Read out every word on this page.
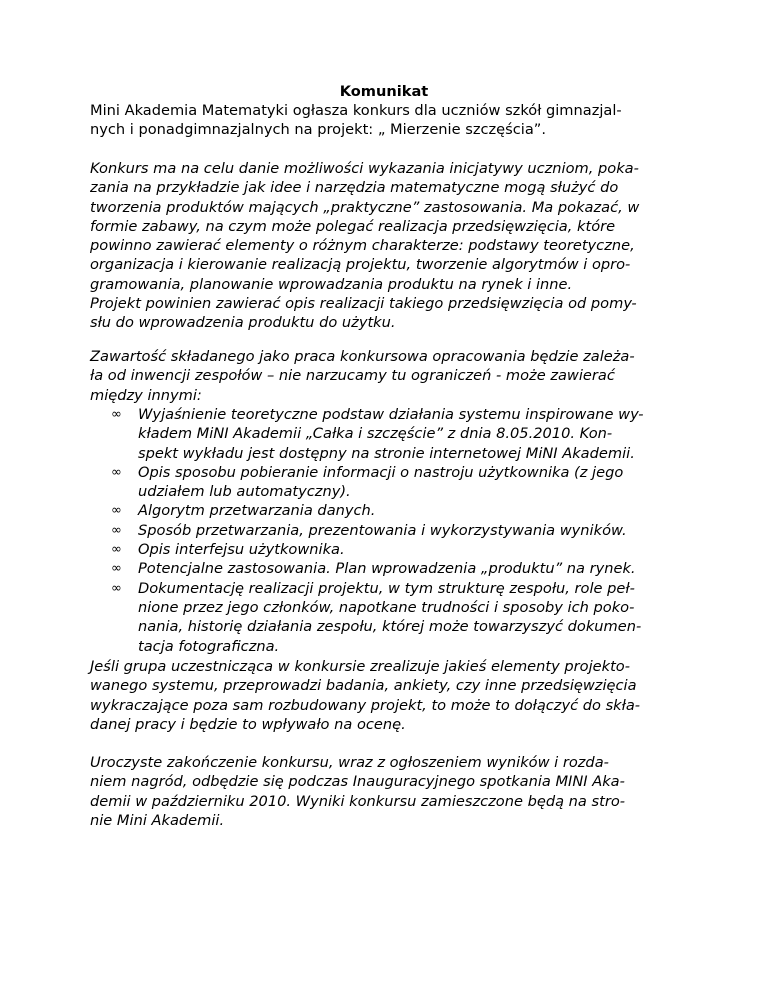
Komunikat
Mini Akademia Matematyki ogłasza konkurs dla uczniów szkół gimnazjal-
nych i ponadgimnazjalnych na projekt: „ Mierzenie szczęścia”.
Konkurs ma na celu danie możliwości wykazania inicjatywy uczniom, poka-
zania na przykładzie jak idee i narzędzia matematyczne mogą służyć do
tworzenia produktów mających „praktyczne” zastosowania. Ma pokazać, w
formie zabawy, na czym może polegać realizacja przedsięwzięcia, które
powinno zawierać elementy o różnym charakterze: podstawy teoretyczne,
organizacja i kierowanie realizacją projektu, tworzenie algorytmów i opro-
gramowania, planowanie wprowadzania produktu na rynek i inne.
Projekt powinien zawierać opis realizacji takiego przedsięwzięcia od pomy-
słu do wprowadzenia produktu do użytku.
Zawartość składanego jako praca konkursowa opracowania będzie zależa-
ła od inwencji zespołów – nie narzucamy tu ograniczeń - może zawierać
między innymi:
∞ Wyjaśnienie teoretyczne podstaw działania systemu inspirowane wy-
kładem MiNI Akademii „Całka i szczęście” z dnia 8.05.2010. Kon-
spekt wykładu jest dostępny na stronie internetowej MiNI Akademii.
∞ Opis sposobu pobieranie informacji o nastroju użytkownika (z jego
udziałem lub automatyczny).
∞ Algorytm przetwarzania danych.
∞ Sposób przetwarzania, prezentowania i wykorzystywania wyników.
∞ Opis interfejsu użytkownika.
∞ Potencjalne zastosowania. Plan wprowadzenia „produktu” na rynek.
∞ Dokumentację realizacji projektu, w tym strukturę zespołu, role peł-
nione przez jego członków, napotkane trudności i sposoby ich poko-
nania, historię działania zespołu, której może towarzyszyć dokumen-
tacja fotograficzna.
Jeśli grupa uczestnicząca w konkursie zrealizuje jakieś elementy projekto-
wanego systemu, przeprowadzi badania, ankiety, czy inne przedsięwzięcia
wykraczające poza sam rozbudowany projekt, to może to dołączyć do skła-
danej pracy i będzie to wpływało na ocenę.
Uroczyste zakończenie konkursu, wraz z ogłoszeniem wyników i rozda-
niem nagród, odbędzie się podczas Inauguracyjnego spotkania MINI Aka-
demii w październiku 2010. Wyniki konkursu zamieszczone będą na stro-
nie Mini Akademii.
